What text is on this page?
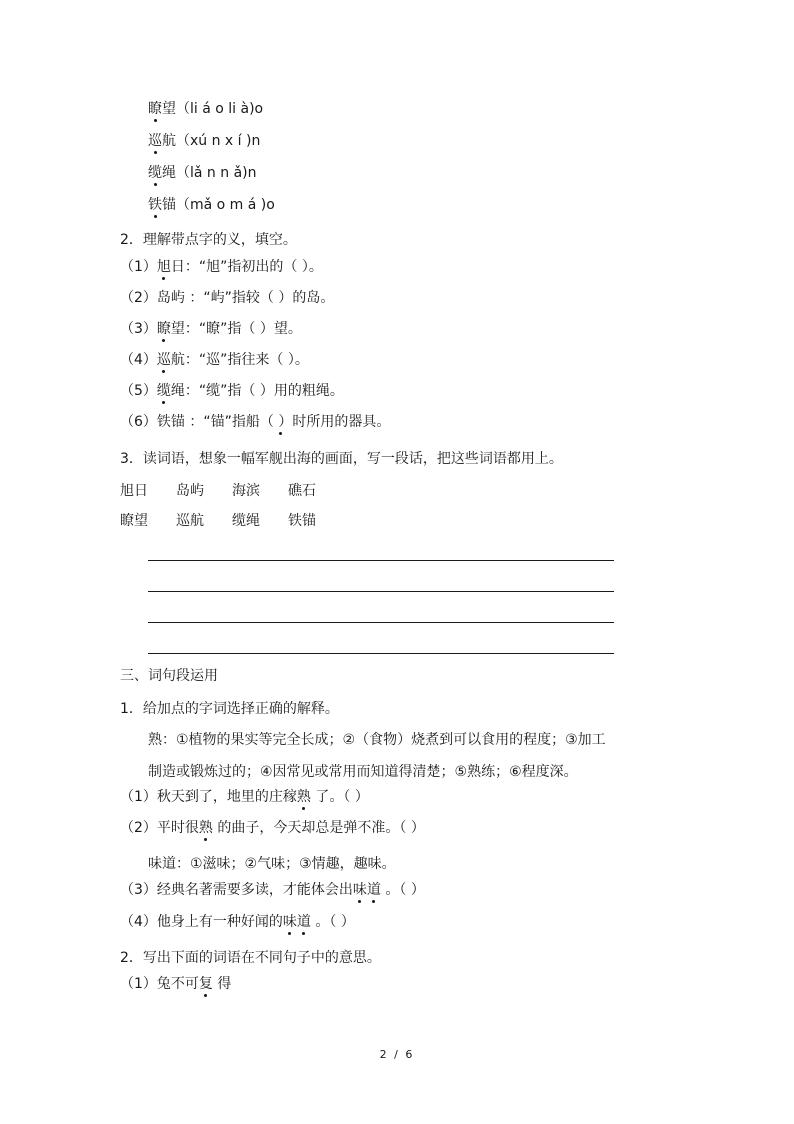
瞭望（li á o li à)o
巡航（xú n x í )n
缆绳（lǎ n n ǎ)n
铁锚（mǎ o m á )o
2．理解带点字的义，填空。
（1）旭日：“旭”指初出的（ ）。
（2）岛屿 ：“屿”指较（ ）的岛。
（3）瞭望：“瞭”指（ ）望。
（4）巡航：“巡”指往来（ ）。
（5）缆绳：“缆”指（ ）用的粗绳。
（6）铁锚 ：“锚”指船（ ）时所用的器具。
3．读词语，想象一幅军舰出海的画面，写一段话，把这些词语都用上。
旭日 岛屿 海滨 礁石
瞭望 巡航 缆绳 铁锚
三、词句段运用
1．给加点的字词选择正确的解释。
熟：①植物的果实等完全长成；②（食物）烧煮到可以食用的程度；③加工
制造或锻炼过的；④因常见或常用而知道得清楚；⑤熟练；⑥程度深。
（1）秋天到了，地里的庄稼熟 了。（ ）
（2）平时很熟 的曲子，今天却总是弹不准。（ ）
味道：①滋味；②气味；③情趣，趣味。
（3）经典名著需要多读，才能体会出味道 。（ ）
（4）他身上有一种好闻的味道 。（ ）
2．写出下面的词语在不同句子中的意思。
（1）兔不可复 得
2 / 6
